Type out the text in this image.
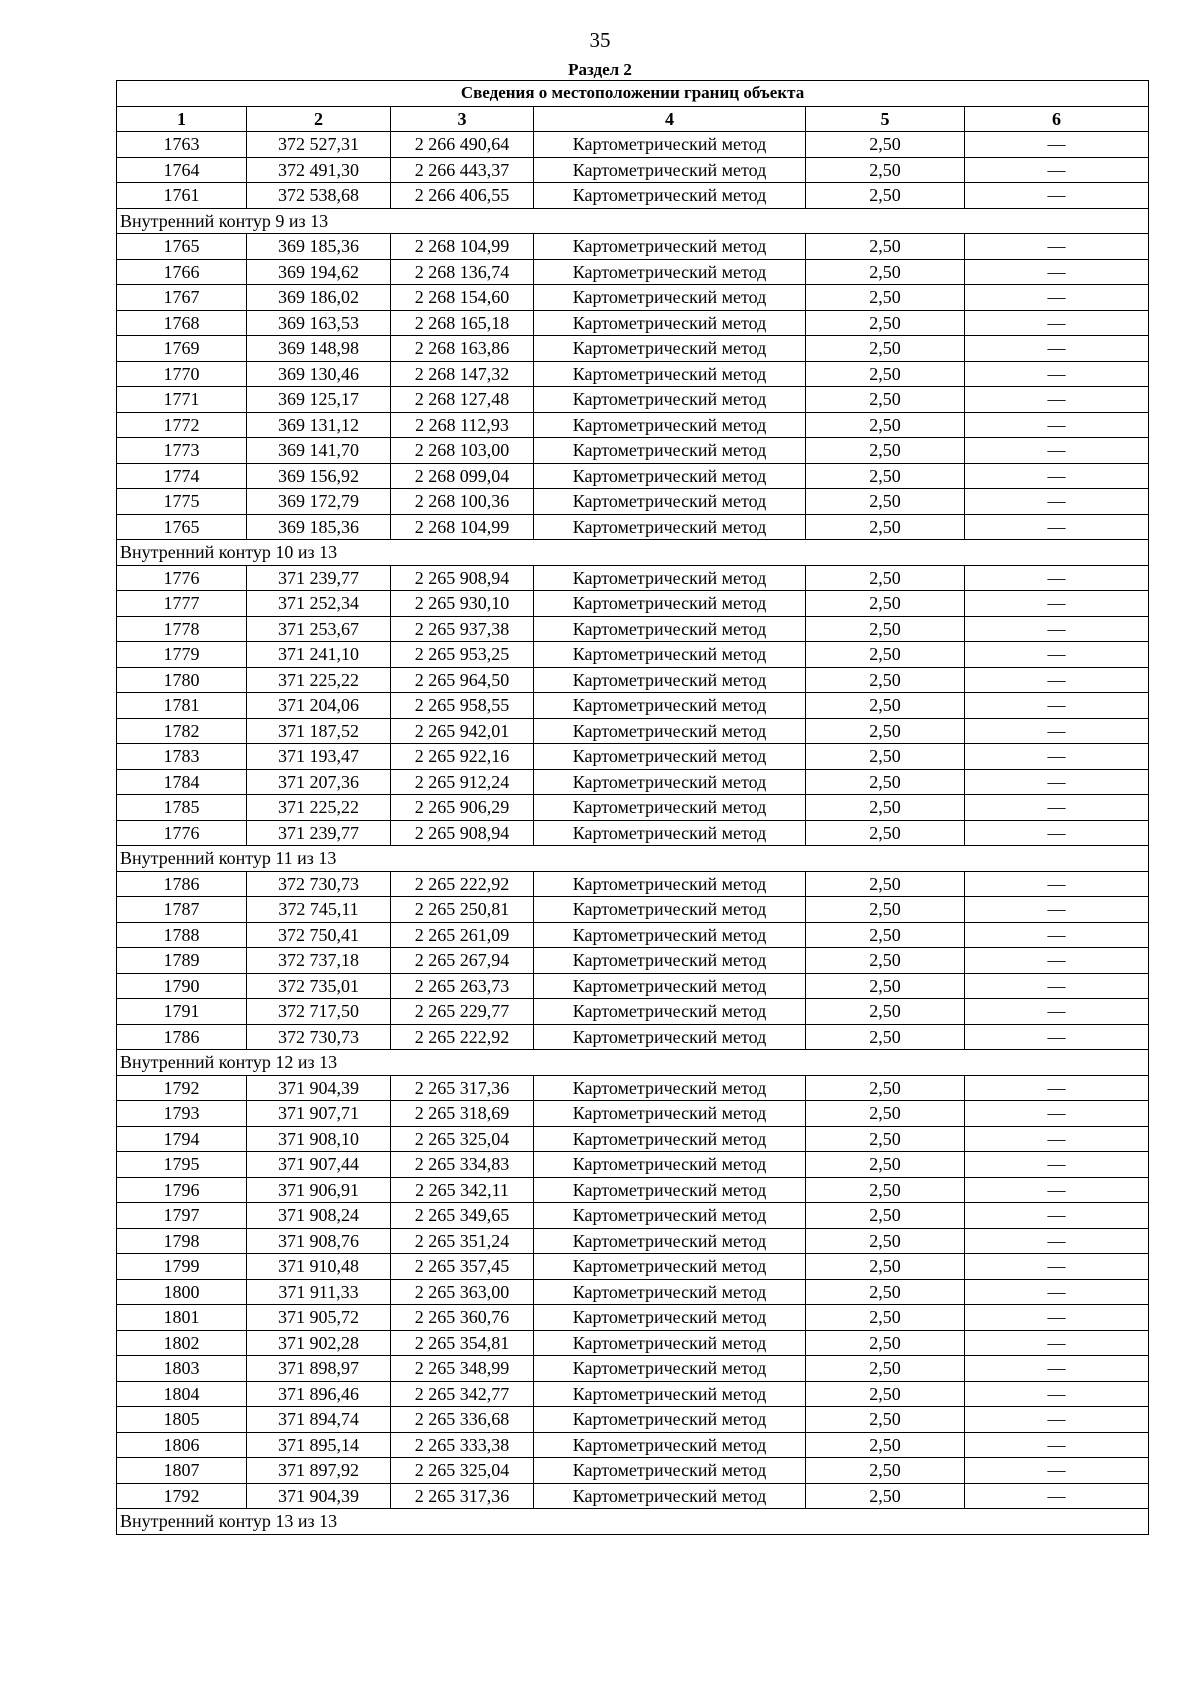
35
Раздел 2
Сведения о местоположении границ объекта					
1	2	3	4	5	6
1763	372 527,31	2 266 490,64	Картометрический метод	2,50	—
1764	372 491,30	2 266 443,37	Картометрический метод	2,50	—
1761	372 538,68	2 266 406,55	Картометрический метод	2,50	—
Внутренний контур 9 из 13					
1765	369 185,36	2 268 104,99	Картометрический метод	2,50	—
1766	369 194,62	2 268 136,74	Картометрический метод	2,50	—
1767	369 186,02	2 268 154,60	Картометрический метод	2,50	—
1768	369 163,53	2 268 165,18	Картометрический метод	2,50	—
1769	369 148,98	2 268 163,86	Картометрический метод	2,50	—
1770	369 130,46	2 268 147,32	Картометрический метод	2,50	—
1771	369 125,17	2 268 127,48	Картометрический метод	2,50	—
1772	369 131,12	2 268 112,93	Картометрический метод	2,50	—
1773	369 141,70	2 268 103,00	Картометрический метод	2,50	—
1774	369 156,92	2 268 099,04	Картометрический метод	2,50	—
1775	369 172,79	2 268 100,36	Картометрический метод	2,50	—
1765	369 185,36	2 268 104,99	Картометрический метод	2,50	—
Внутренний контур 10 из 13					
1776	371 239,77	2 265 908,94	Картометрический метод	2,50	—
1777	371 252,34	2 265 930,10	Картометрический метод	2,50	—
1778	371 253,67	2 265 937,38	Картометрический метод	2,50	—
1779	371 241,10	2 265 953,25	Картометрический метод	2,50	—
1780	371 225,22	2 265 964,50	Картометрический метод	2,50	—
1781	371 204,06	2 265 958,55	Картометрический метод	2,50	—
1782	371 187,52	2 265 942,01	Картометрический метод	2,50	—
1783	371 193,47	2 265 922,16	Картометрический метод	2,50	—
1784	371 207,36	2 265 912,24	Картометрический метод	2,50	—
1785	371 225,22	2 265 906,29	Картометрический метод	2,50	—
1776	371 239,77	2 265 908,94	Картометрический метод	2,50	—
Внутренний контур 11 из 13					
1786	372 730,73	2 265 222,92	Картометрический метод	2,50	—
1787	372 745,11	2 265 250,81	Картометрический метод	2,50	—
1788	372 750,41	2 265 261,09	Картометрический метод	2,50	—
1789	372 737,18	2 265 267,94	Картометрический метод	2,50	—
1790	372 735,01	2 265 263,73	Картометрический метод	2,50	—
1791	372 717,50	2 265 229,77	Картометрический метод	2,50	—
1786	372 730,73	2 265 222,92	Картометрический метод	2,50	—
Внутренний контур 12 из 13					
1792	371 904,39	2 265 317,36	Картометрический метод	2,50	—
1793	371 907,71	2 265 318,69	Картометрический метод	2,50	—
1794	371 908,10	2 265 325,04	Картометрический метод	2,50	—
1795	371 907,44	2 265 334,83	Картометрический метод	2,50	—
1796	371 906,91	2 265 342,11	Картометрический метод	2,50	—
1797	371 908,24	2 265 349,65	Картометрический метод	2,50	—
1798	371 908,76	2 265 351,24	Картометрический метод	2,50	—
1799	371 910,48	2 265 357,45	Картометрический метод	2,50	—
1800	371 911,33	2 265 363,00	Картометрический метод	2,50	—
1801	371 905,72	2 265 360,76	Картометрический метод	2,50	—
1802	371 902,28	2 265 354,81	Картометрический метод	2,50	—
1803	371 898,97	2 265 348,99	Картометрический метод	2,50	—
1804	371 896,46	2 265 342,77	Картометрический метод	2,50	—
1805	371 894,74	2 265 336,68	Картометрический метод	2,50	—
1806	371 895,14	2 265 333,38	Картометрический метод	2,50	—
1807	371 897,92	2 265 325,04	Картометрический метод	2,50	—
1792	371 904,39	2 265 317,36	Картометрический метод	2,50	—
Внутренний контур 13 из 13					
